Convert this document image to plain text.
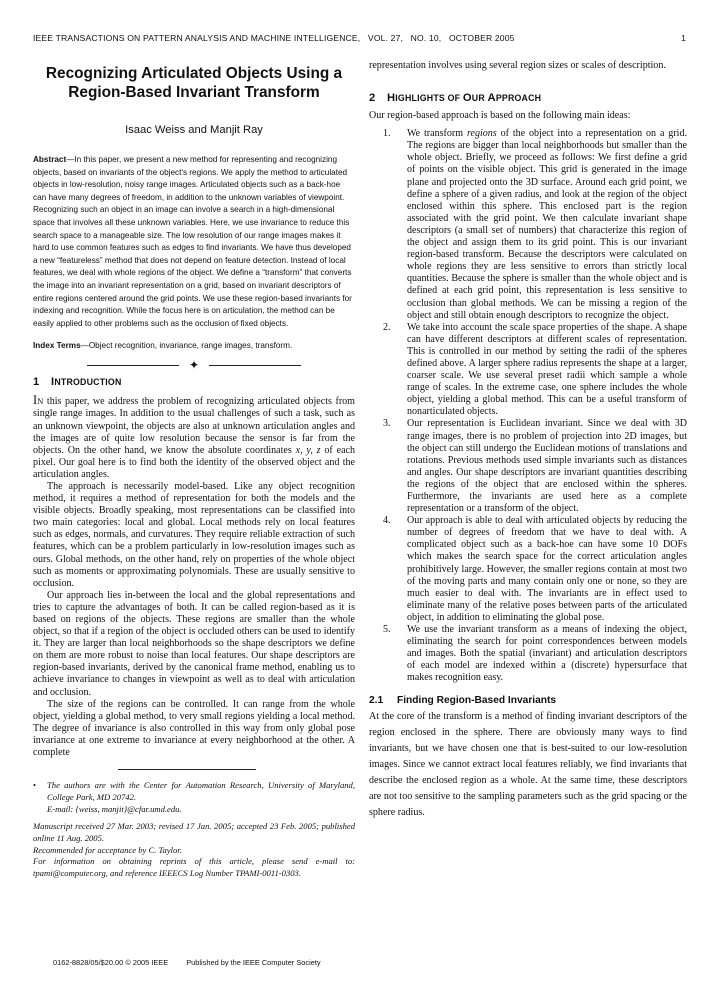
IEEE TRANSACTIONS ON PATTERN ANALYSIS AND MACHINE INTELLIGENCE,   VOL. 27,   NO. 10,   OCTOBER 2005	1
Recognizing Articulated Objects Using a
Region-Based Invariant Transform
Isaac Weiss and Manjit Ray

Abstract—In this paper, we present a new method for representing and recognizing objects, based on invariants of the object's regions. We apply the method to articulated objects in low-resolution, noisy range images. Articulated objects such as a back-hoe can have many degrees of freedom, in addition to the unknown variables of viewpoint. Recognizing such an object in an image can involve a search in a high-dimensional space that involves all these unknown variables. Here, we use invariance to reduce this search space to a manageable size. The low resolution of our range images makes it hard to use common features such as edges to find invariants. We have thus developed a new “featureless” method that does not depend on feature detection. Instead of local features, we deal with whole regions of the object. We define a “transform” that converts the image into an invariant representation on a grid, based on invariant descriptors of entire regions centered around the grid points. We use these region-based invariants for indexing and recognition. While the focus here is on articulation, the method can be easily applied to other problems such as the occlusion of fixed objects.

Index Terms—Object recognition, invariance, range images, transform.

✦
1 INTRODUCTION

IN this paper, we address the problem of recognizing articulated objects from single range images. In addition to the usual challenges of such a task, such as an unknown viewpoint, the objects are also at unknown articulation angles and the images are of quite low resolution because the sensor is far from the objects. On the other hand, we know the absolute coordinates x, y, z of each pixel. Our goal here is to find both the identity of the observed object and the articulation angles.

The approach is necessarily model-based. Like any object recognition method, it requires a method of representation for both the models and the visible objects. Broadly speaking, most representations can be classified into two main categories: local and global. Local methods rely on local features such as edges, normals, and curvatures. They require reliable extraction of such features, which can be a problem particularly in low-resolution images such as ours. Global methods, on the other hand, rely on properties of the whole object such as moments or approximating polynomials. These are usually sensitive to occlusion.

Our approach lies in-between the local and the global representations and tries to capture the advantages of both. It can be called region-based as it is based on regions of the objects. These regions are smaller than the whole object, so that if a region of the object is occluded others can be used to identify it. They are larger than local neighborhoods so the shape descriptors we define on them are more robust to noise than local features. Our shape descriptors are region-based invariants, derived by the canonical frame method, enabling us to achieve invariance to changes in viewpoint as well as to deal with articulation and occlusion.

The size of the regions can be controlled. It can range from the whole object, yielding a global method, to very small regions yielding a local method. The degree of invariance is also controlled in this way from only global pose invariance at one extreme to invariance at every neighborhood at the other. A complete

• The authors are with the Center for Automation Research, University of Maryland, College Park, MD 20742.
E-mail: {weiss, manjit}@cfar.umd.edu.

Manuscript received 27 Mar. 2003; revised 17 Jan. 2005; accepted 23 Feb. 2005; published online 11 Aug. 2005.

Recommended for acceptance by C. Taylor.

For information on obtaining reprints of this article, please send e-mail to: tpami@computer.org, and reference IEEECS Log Number TPAMI-0011-0303.

representation involves using several region sizes or scales of description.

2 HIGHLIGHTS OF OUR APPROACH

Our region-based approach is based on the following main ideas:

1. We transform regions of the object into a representation on a grid. The regions are bigger than local neighborhoods but smaller than the whole object. Briefly, we proceed as follows: We first define a grid of points on the visible object. This grid is generated in the image plane and projected onto the 3D surface. Around each grid point, we define a sphere of a given radius, and look at the region of the object enclosed within this sphere. This enclosed part is the region associated with the grid point. We then calculate invariant shape descriptors (a small set of numbers) that characterize this region of the object and assign them to its grid point. This is our invariant region-based transform. Because the descriptors were calculated on whole regions they are less sensitive to errors than strictly local quantities. Because the sphere is smaller than the whole object and is defined at each grid point, this representation is less sensitive to occlusion than global methods. We can be missing a region of the object and still obtain enough descriptors to recognize the object.
2. We take into account the scale space properties of the shape. A shape can have different descriptors at different scales of representation. This is controlled in our method by setting the radii of the spheres defined above. A larger sphere radius represents the shape at a larger, coarser scale. We use several preset radii which sample a whole range of scales. In the extreme case, one sphere includes the whole object, yielding a global method. This can be a useful transform of nonarticulated objects.
3. Our representation is Euclidean invariant. Since we deal with 3D range images, there is no problem of projection into 2D images, but the object can still undergo the Euclidean motions of translations and rotations. Previous methods used simple invariants such as distances and angles. Our shape descriptors are invariant quantities describing the regions of the object that are enclosed within the spheres. Furthermore, the invariants are used here as a complete representation or a transform of the object.
4. Our approach is able to deal with articulated objects by reducing the number of degrees of freedom that we have to deal with. A complicated object such as a back-hoe can have some 10 DOFs which makes the search space for the correct articulation angles prohibitively large. However, the smaller regions contain at most two of the moving parts and many contain only one or none, so they are much easier to deal with. The invariants are in effect used to eliminate many of the relative poses between parts of the articulated object, in addition to eliminating the global pose.
5. We use the invariant transform as a means of indexing the object, eliminating the search for point correspondences between models and images. Both the spatial (invariant) and articulation descriptors of each model are indexed within a (discrete) hypersurface that makes recognition easy.
2.1 Finding Region-Based Invariants

At the core of the transform is a method of finding invariant descriptors of the region enclosed in the sphere. There are obviously many ways to find invariants, but we have chosen one that is best-suited to our low-resolution images. Since we cannot extract local features reliably, we find invariants that describe the enclosed region as a whole. At the same time, these descriptors are not too sensitive to the sampling parameters such as the grid spacing or the sphere radius.

0162-8828/05/$20.00 © 2005 IEEE Published by the IEEE Computer Society
